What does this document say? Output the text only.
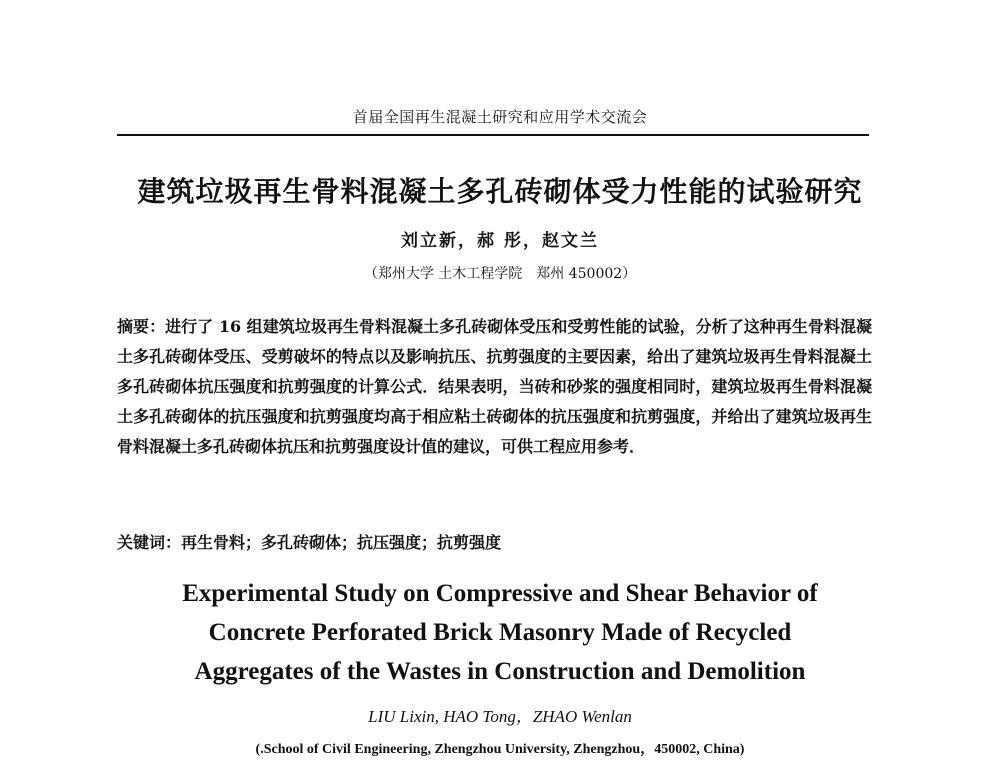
首届全国再生混凝土研究和应用学术交流会
建筑垃圾再生骨料混凝土多孔砖砌体受力性能的试验研究
刘立新，郝 彤，赵文兰
（郑州大学 土木工程学院　郑州 450002）
摘要：进行了 16 组建筑垃圾再生骨料混凝土多孔砖砌体受压和受剪性能的试验，分析了这种再生骨料混凝土多孔砖砌体受压、受剪破坏的特点以及影响抗压、抗剪强度的主要因素，给出了建筑垃圾再生骨料混凝土多孔砖砌体抗压强度和抗剪强度的计算公式．结果表明，当砖和砂浆的强度相同时，建筑垃圾再生骨料混凝土多孔砖砌体的抗压强度和抗剪强度均高于相应粘土砖砌体的抗压强度和抗剪强度，并给出了建筑垃圾再生骨料混凝土多孔砖砌体抗压和抗剪强度设计值的建议，可供工程应用参考．
关键词：再生骨料；多孔砖砌体；抗压强度；抗剪强度
Experimental Study on Compressive and Shear Behavior of
Concrete Perforated Brick Masonry Made of Recycled
Aggregates of the Wastes in Construction and Demolition
LIU Lixin, HAO Tong，ZHAO Wenlan
(.School of Civil Engineering, Zhengzhou University, Zhengzhou，450002, China)
